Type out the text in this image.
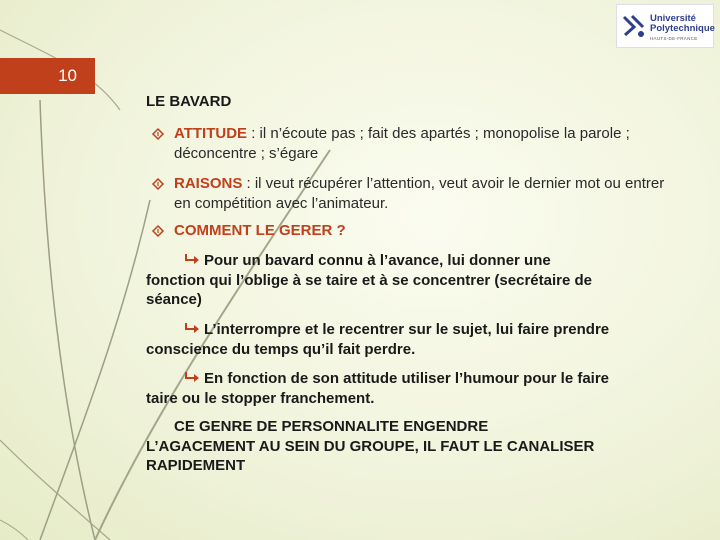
10
Université
Polytechnique
HAUTS-DE-FRANCE
LE BAVARD
ATTITUDE : il n’écoute pas ; fait des apartés ; monopolise la parole ; déconcentre ; s’égare
RAISONS : il veut récupérer l’attention, veut avoir le dernier mot ou entrer en compétition avec l’animateur.
COMMENT LE GERER ?
Pour un bavard connu à l’avance, lui donner une
fonction qui l’oblige à se taire et à se concentrer (secrétaire de
séance)
L’interrompre et le recentrer sur le sujet, lui faire prendre
conscience du temps qu’il fait perdre.
En fonction de son attitude utiliser l’humour pour le faire
taire ou le stopper franchement.
CE GENRE DE PERSONNALITE ENGENDRE
L’AGACEMENT AU SEIN DU GROUPE, IL FAUT LE CANALISER
RAPIDEMENT
